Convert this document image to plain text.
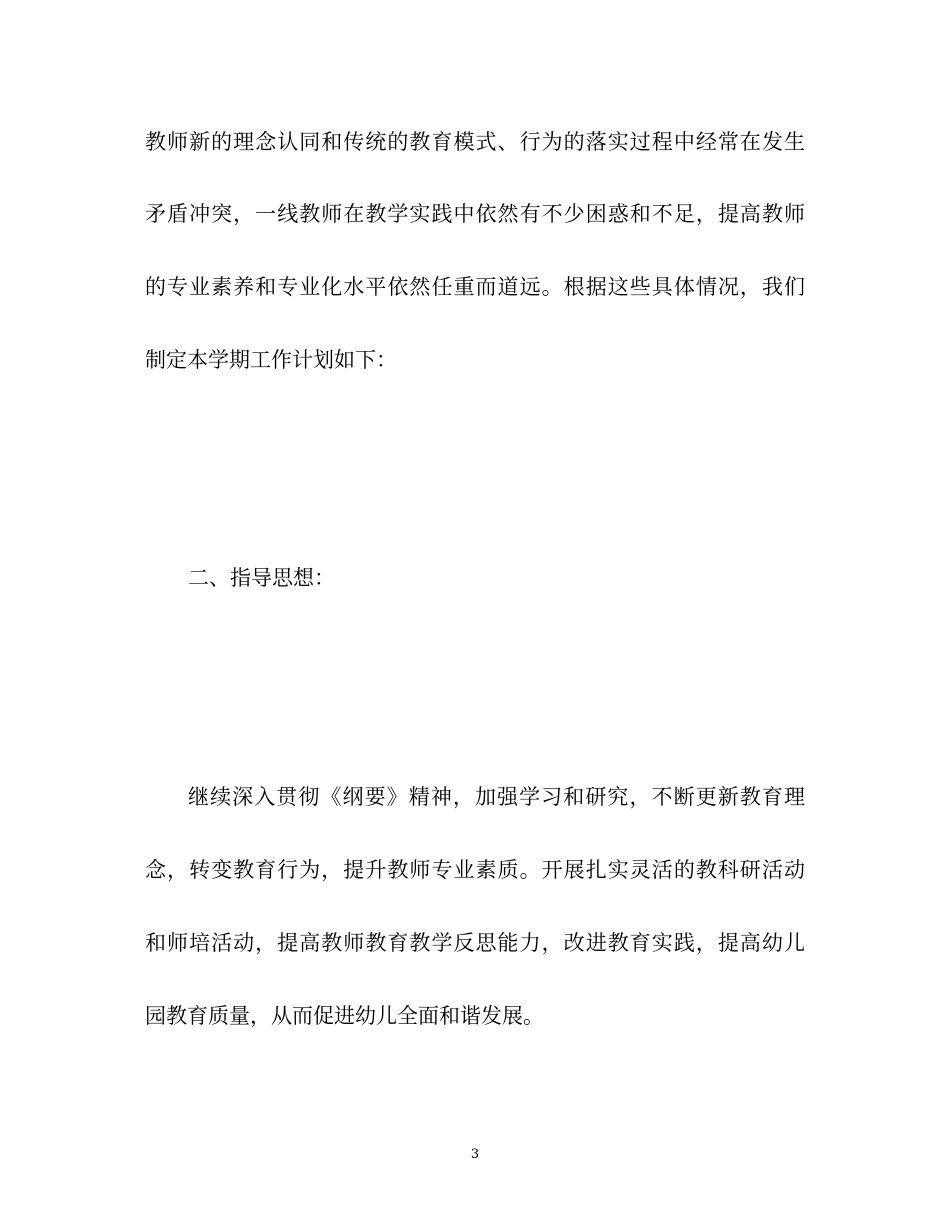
教师新的理念认同和传统的教育模式、行为的落实过程中经常在发生
矛盾冲突，一线教师在教学实践中依然有不少困惑和不足，提高教师
的专业素养和专业化水平依然任重而道远。根据这些具体情况，我们
制定本学期工作计划如下：
二、指导思想：
继续深入贯彻《纲要》精神，加强学习和研究，不断更新教育理
念，转变教育行为，提升教师专业素质。开展扎实灵活的教科研活动
和师培活动，提高教师教育教学反思能力，改进教育实践，提高幼儿
园教育质量，从而促进幼儿全面和谐发展。
3
